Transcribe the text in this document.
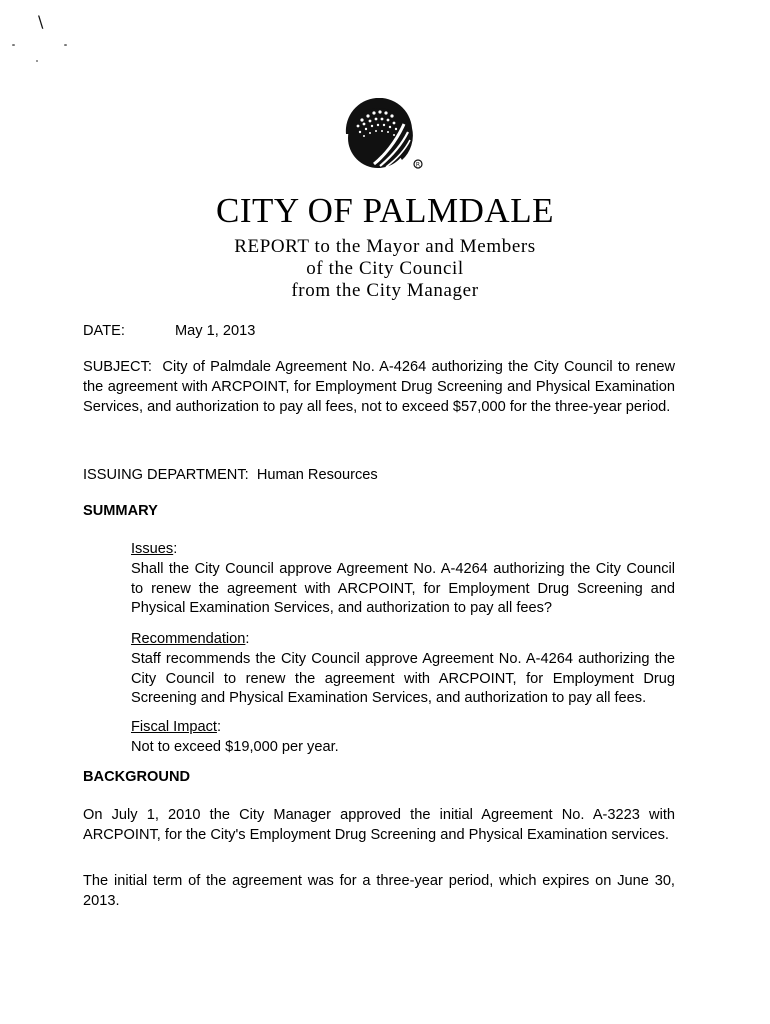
\
R
CITY OF PALMDALE
REPORT to the Mayor and Members
of the City Council
from the City Manager
DATE:	May 1, 2013
SUBJECT: City of Palmdale Agreement No. A-4264 authorizing the City Council to renew the agreement with ARCPOINT, for Employment Drug Screening and Physical Examination Services, and authorization to pay all fees, not to exceed $57,000 for the three-year period.
ISSUING DEPARTMENT: Human Resources
SUMMARY
Issues:
Shall the City Council approve Agreement No. A-4264 authorizing the City Council to renew the agreement with ARCPOINT, for Employment Drug Screening and Physical Examination Services, and authorization to pay all fees?
Recommendation:
Staff recommends the City Council approve Agreement No. A-4264 authorizing the City Council to renew the agreement with ARCPOINT, for Employment Drug Screening and Physical Examination Services, and authorization to pay all fees.
Fiscal Impact:
Not to exceed $19,000 per year.
BACKGROUND
On July 1, 2010 the City Manager approved the initial Agreement No. A-3223 with ARCPOINT, for the City's Employment Drug Screening and Physical Examination services.
The initial term of the agreement was for a three-year period, which expires on June 30, 2013.
